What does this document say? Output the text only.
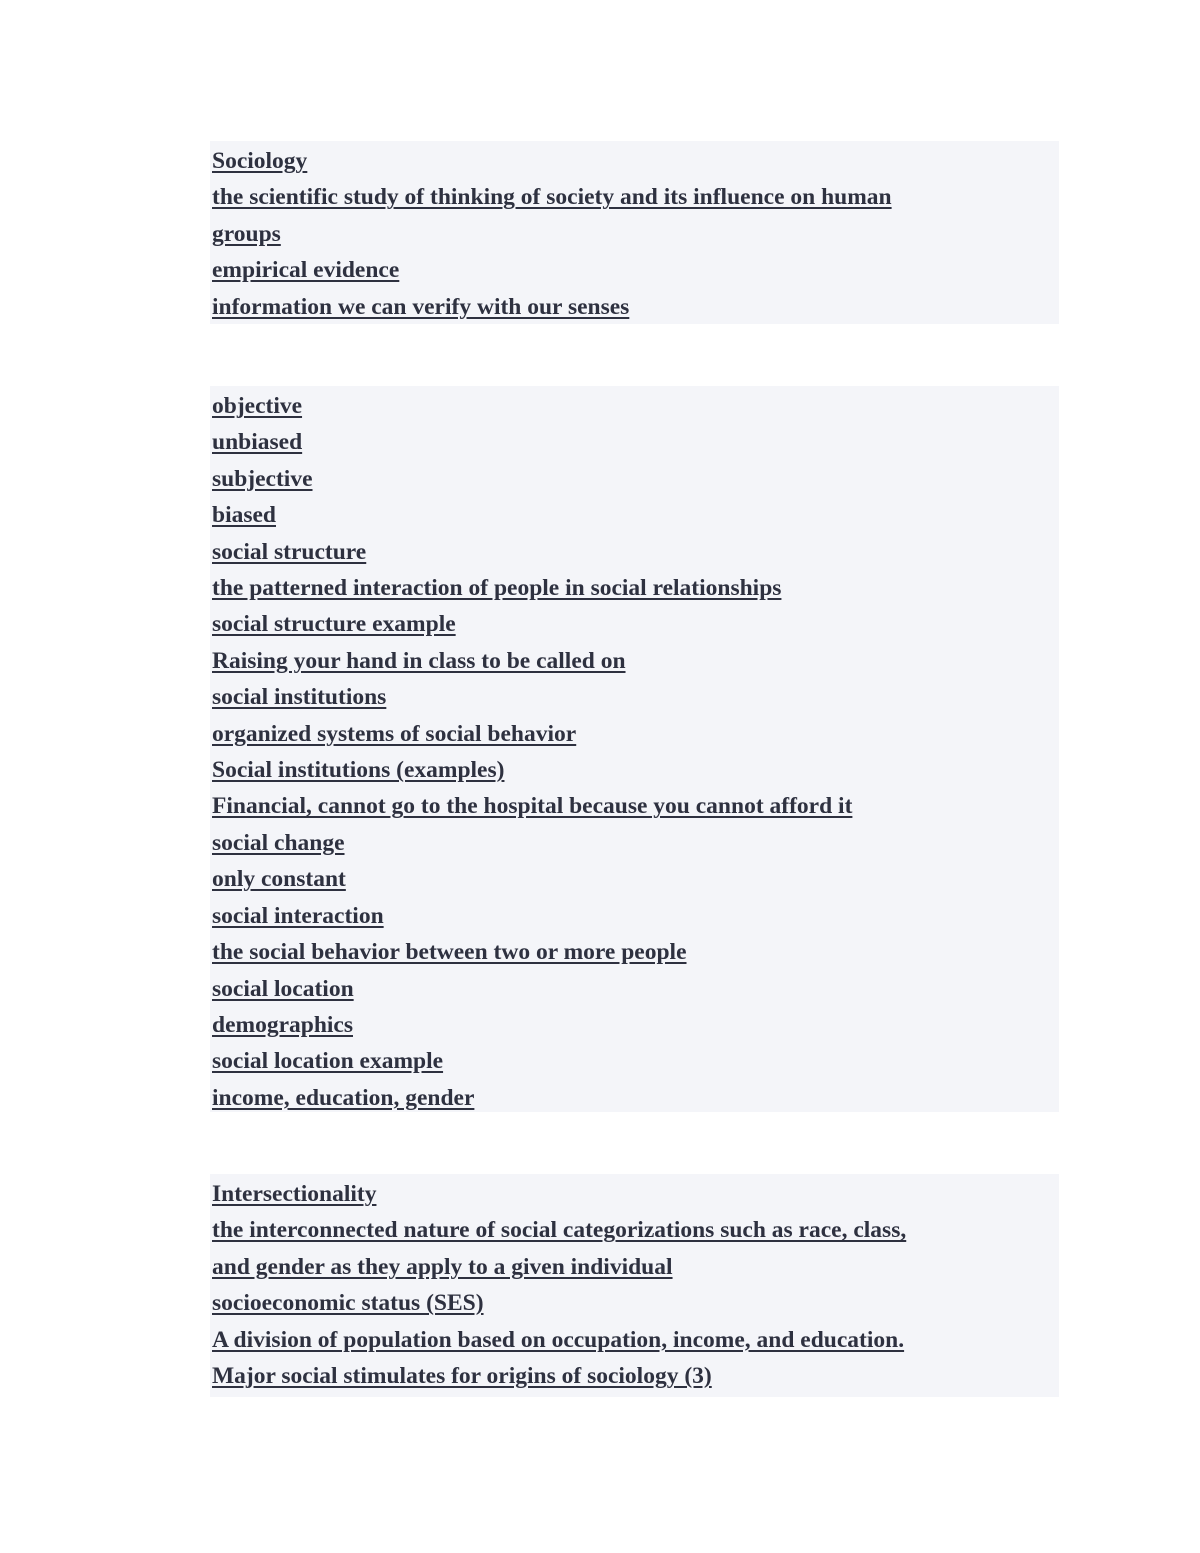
Sociology
the scientific study of thinking of society and its influence on human
groups
empirical evidence
information we can verify with our senses
objective
unbiased
subjective
biased
social structure
the patterned interaction of people in social relationships
social structure example
Raising your hand in class to be called on
social institutions
organized systems of social behavior
Social institutions (examples)
Financial, cannot go to the hospital because you cannot afford it
social change
only constant
social interaction
the social behavior between two or more people
social location
demographics
social location example
income, education, gender
Intersectionality
the interconnected nature of social categorizations such as race, class,
and gender as they apply to a given individual
socioeconomic status (SES)
A division of population based on occupation, income, and education.
Major social stimulates for origins of sociology (3)
